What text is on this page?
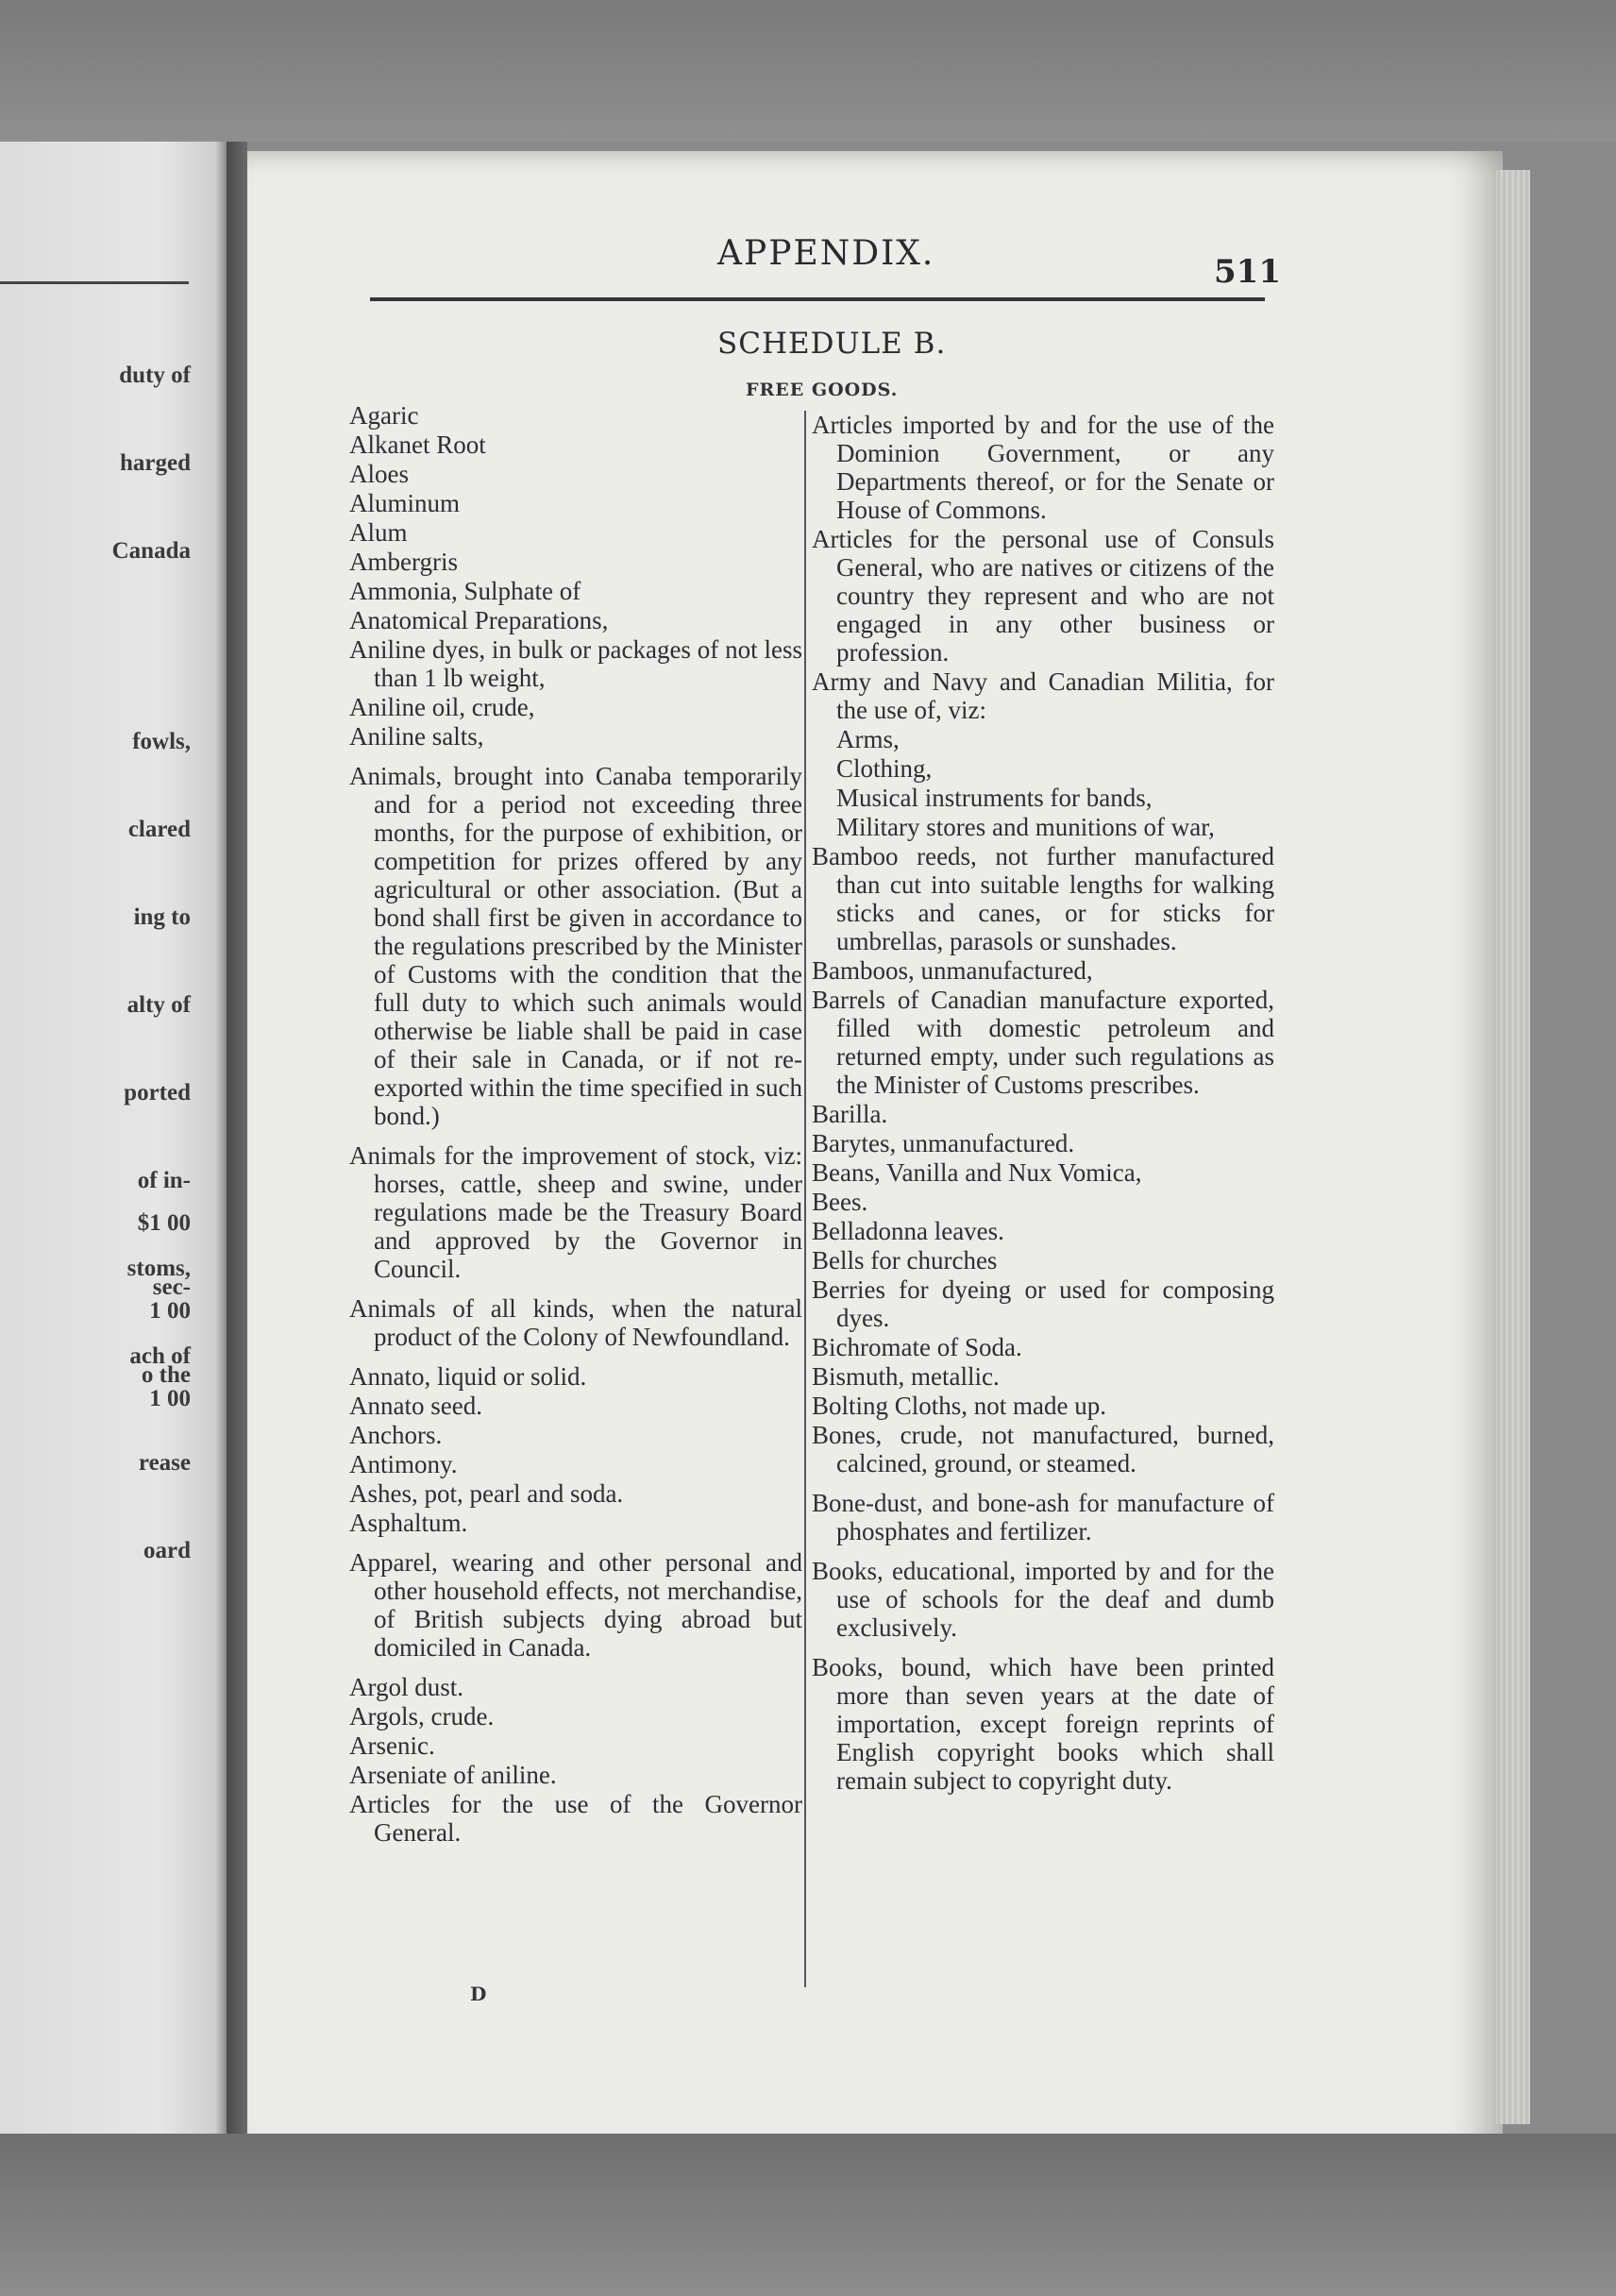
duty of

harged

Canada

fowls,

clared

ing to

alty of

ported

of in-

stoms,

ach of

$1 00

1 00

1 00

sec-

o the

rease

oard

APPENDIX.	511
SCHEDULE B.
FREE GOODS.
Agaric
Alkanet Root
Aloes
Aluminum
Alum
Ambergris
Ammonia, Sulphate of
Anatomical Preparations,
Aniline dyes, in bulk or packages of not less than 1 lb weight,
Aniline oil, crude,
Aniline salts,
Animals, brought into Canaba temporarily and for a period not exceeding three months, for the purpose of exhibition, or competition for prizes offered by any agricultural or other association. (But a bond shall first be given in accordance to the regulations prescribed by the Minister of Customs with the condition that the full duty to which such animals would otherwise be liable shall be paid in case of their sale in Canada, or if not re-exported within the time specified in such bond.)
Animals for the improvement of stock, viz: horses, cattle, sheep and swine, under regulations made be the Treasury Board and approved by the Governor in Council.
Animals of all kinds, when the natural product of the Colony of Newfoundland.
Annato, liquid or solid.
Annato seed.
Anchors.
Antimony.
Ashes, pot, pearl and soda.
Asphaltum.
Apparel, wearing and other personal and other household effects, not merchandise, of British subjects dying abroad but domiciled in Canada.
Argol dust.
Argols, crude.
Arsenic.
Arseniate of aniline.
Articles for the use of the Governor General.
Articles imported by and for the use of the Dominion Government, or any Departments thereof, or for the Senate or House of Commons.
Articles for the personal use of Consuls General, who are natives or citizens of the country they represent and who are not engaged in any other business or profession.
Army and Navy and Canadian Militia, for the use of, viz:
Arms,
Clothing,
Musical instruments for bands,
Military stores and munitions of war,
Bamboo reeds, not further manufactured than cut into suitable lengths for walking sticks and canes, or for sticks for umbrellas, parasols or sunshades.
Bamboos, unmanufactured,
Barrels of Canadian manufacture exported, filled with domestic petroleum and returned empty, under such regulations as the Minister of Customs prescribes.
Barilla.
Barytes, unmanufactured.
Beans, Vanilla and Nux Vomica,
Bees.
Belladonna leaves.
Bells for churches
Berries for dyeing or used for composing dyes.
Bichromate of Soda.
Bismuth, metallic.
Bolting Cloths, not made up.
Bones, crude, not manufactured, burned, calcined, ground, or steamed.
Bone-dust, and bone-ash for manufacture of phosphates and fertilizer.
Books, educational, imported by and for the use of schools for the deaf and dumb exclusively.
Books, bound, which have been printed more than seven years at the date of importation, except foreign reprints of English copyright books which shall remain subject to copyright duty.
D
